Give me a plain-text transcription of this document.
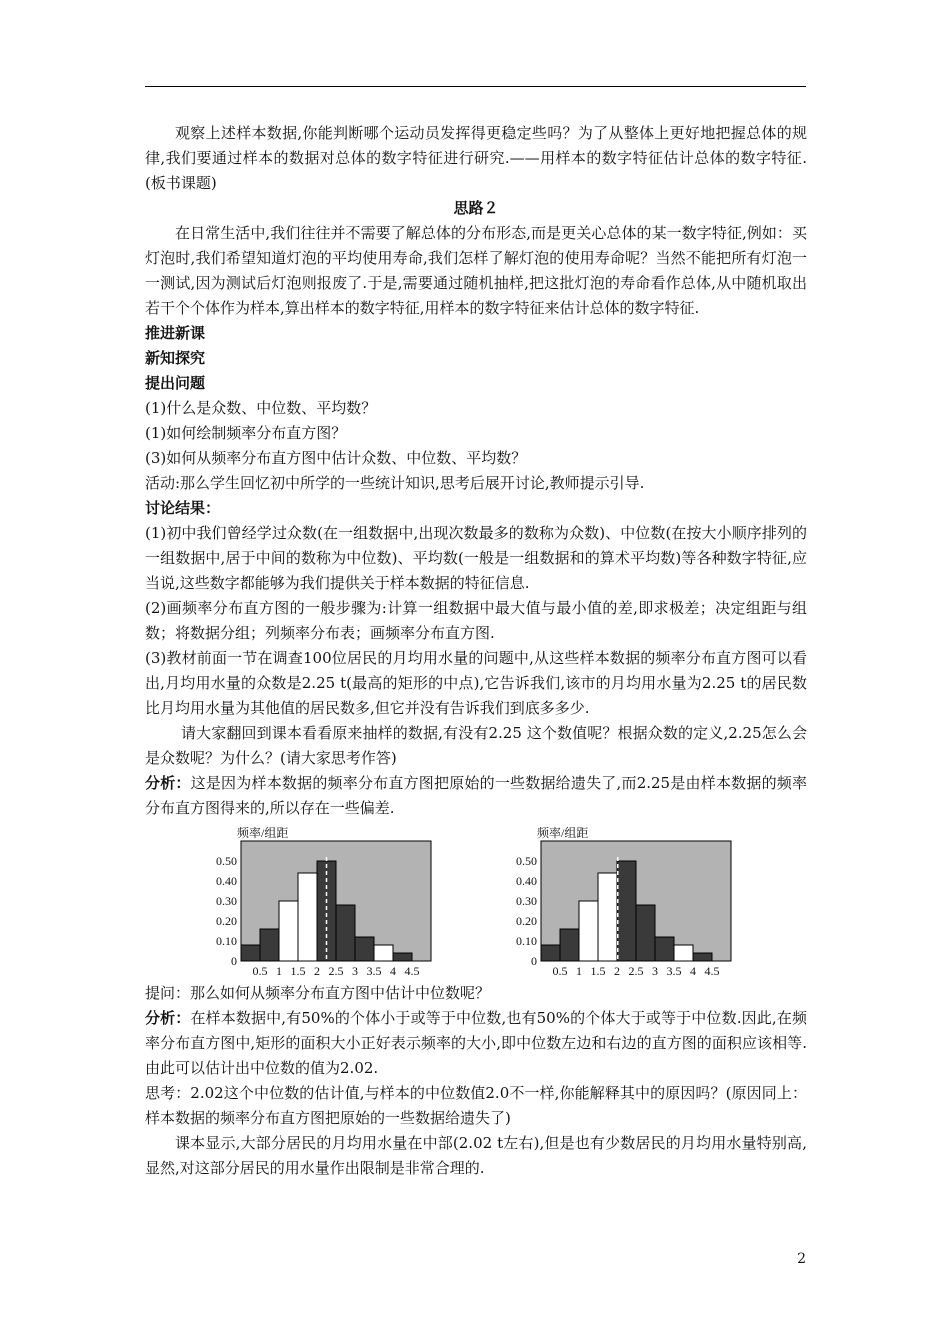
观察上述样本数据,你能判断哪个运动员发挥得更稳定些吗？为了从整体上更好地把握总体的规律,我们要通过样本的数据对总体的数字特征进行研究.——用样本的数字特征估计总体的数字特征.(板书课题)

思路２

在日常生活中,我们往往并不需要了解总体的分布形态,而是更关心总体的某一数字特征,例如：买灯泡时,我们希望知道灯泡的平均使用寿命,我们怎样了解灯泡的使用寿命呢？当然不能把所有灯泡一一测试,因为测试后灯泡则报废了.于是,需要通过随机抽样,把这批灯泡的寿命看作总体,从中随机取出若干个个体作为样本,算出样本的数字特征,用样本的数字特征来估计总体的数字特征.

推进新课

新知探究

提出问题

(1)什么是众数、中位数、平均数？

(1)如何绘制频率分布直方图？

(3)如何从频率分布直方图中估计众数、中位数、平均数？

活动:那么学生回忆初中所学的一些统计知识,思考后展开讨论,教师提示引导.

讨论结果：

(1)初中我们曾经学过众数(在一组数据中,出现次数最多的数称为众数)、中位数(在按大小顺序排列的一组数据中,居于中间的数称为中位数)、平均数(一般是一组数据和的算术平均数)等各种数字特征,应当说,这些数字都能够为我们提供关于样本数据的特征信息.

(2)画频率分布直方图的一般步骤为:计算一组数据中最大值与最小值的差,即求极差；决定组距与组数；将数据分组；列频率分布表；画频率分布直方图.

(3)教材前面一节在调查100位居民的月均用水量的问题中,从这些样本数据的频率分布直方图可以看出,月均用水量的众数是2.25 t(最高的矩形的中点),它告诉我们,该市的月均用水量为2.25 t的居民数比月均用水量为其他值的居民数多,但它并没有告诉我们到底多多少.

请大家翻回到课本看看原来抽样的数据,有没有2.25 这个数值呢？根据众数的定义,2.25怎么会是众数呢？为什么？(请大家思考作答)

分析：这是因为样本数据的频率分布直方图把原始的一些数据给遗失了,而2.25是由样本数据的频率分布直方图得来的,所以存在一些偏差.

0
0.10
0.20
0.30
0.40
0.50
0.5 1 1.5 2 2.5 3 3.5 4 4.5
频率/组距
0
0.10
0.20
0.30
0.40
0.50
0.5 1 1.5 2 2.5 3 3.5 4 4.5
频率/组距

提问：那么如何从频率分布直方图中估计中位数呢？

分析：在样本数据中,有50%的个体小于或等于中位数,也有50%的个体大于或等于中位数.因此,在频率分布直方图中,矩形的面积大小正好表示频率的大小,即中位数左边和右边的直方图的面积应该相等.由此可以估计出中位数的值为2.02.

思考：2.02这个中位数的估计值,与样本的中位数值2.0不一样,你能解释其中的原因吗？(原因同上：样本数据的频率分布直方图把原始的一些数据给遗失了)

课本显示,大部分居民的月均用水量在中部(2.02 t左右),但是也有少数居民的月均用水量特别高,显然,对这部分居民的用水量作出限制是非常合理的.

2
